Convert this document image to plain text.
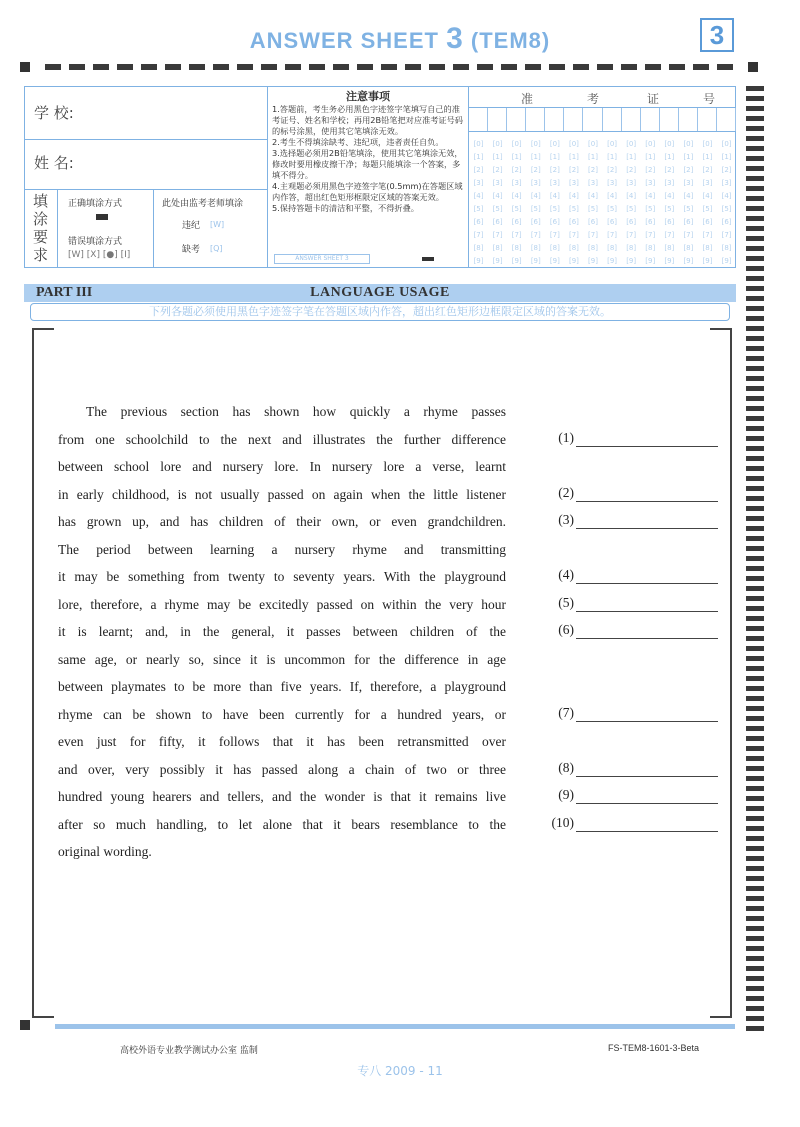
ANSWER SHEET 3 (TEM8)	3
学 校:
姓 名:
填涂要求
正确填涂方式
错误填涂方式
[W] [X] [●] [I]
此处由监考老师填涂
违纪 [W]
缺考 [Q]
注意事项

1.答题前，考生务必用黑色字迹签字笔填写自己的准考证号、姓名和学校；再用2B铅笔把对应准考证号码的标号涂黑，使用其它笔填涂无效。

2.考生不得填涂缺考、违纪项，违者责任自负。

3.选择题必须用2B铅笔填涂，使用其它笔填涂无效，修改时要用橡皮擦干净；每题只能填涂一个答案，多填不得分。

4.主观题必须用黑色字迹签字笔(0.5mm)在答题区域内作答，超出红色矩形框限定区域的答案无效。

5.保持答题卡的清洁和平整，不得折叠。

ANSWER SHEET 3
准	考	证	号
[0]	[0]	[0]	[0]	[0]	[0]	[0]	[0]	[0]	[0]	[0]	[0]	[0]	[0]
[1]	[1]	[1]	[1]	[1]	[1]	[1]	[1]	[1]	[1]	[1]	[1]	[1]	[1]
[2]	[2]	[2]	[2]	[2]	[2]	[2]	[2]	[2]	[2]	[2]	[2]	[2]	[2]
[3]	[3]	[3]	[3]	[3]	[3]	[3]	[3]	[3]	[3]	[3]	[3]	[3]	[3]
[4]	[4]	[4]	[4]	[4]	[4]	[4]	[4]	[4]	[4]	[4]	[4]	[4]	[4]
[5]	[5]	[5]	[5]	[5]	[5]	[5]	[5]	[5]	[5]	[5]	[5]	[5]	[5]
[6]	[6]	[6]	[6]	[6]	[6]	[6]	[6]	[6]	[6]	[6]	[6]	[6]	[6]
[7]	[7]	[7]	[7]	[7]	[7]	[7]	[7]	[7]	[7]	[7]	[7]	[7]	[7]
[8]	[8]	[8]	[8]	[8]	[8]	[8]	[8]	[8]	[8]	[8]	[8]	[8]	[8]
[9]	[9]	[9]	[9]	[9]	[9]	[9]	[9]	[9]	[9]	[9]	[9]	[9]	[9]
LANGUAGE USAGE
PART III
下列各题必须使用黑色字迹签字笔在答题区域内作答，超出红色矩形边框限定区域的答案无效。
The previous section has shown how quickly a rhyme passes
from one schoolchild to the next and illustrates the further difference
between school lore and nursery lore. In nursery lore a verse, learnt
in early childhood, is not usually passed on again when the little listener
has grown up, and has children of their own, or even grandchildren.
The period between learning a nursery rhyme and transmitting
it may be something from twenty to seventy years. With the playground
lore, therefore, a rhyme may be excitedly passed on within the very hour
it is learnt; and, in the general, it passes between children of the
same age, or nearly so, since it is uncommon for the difference in age
between playmates to be more than five years. If, therefore, a playground
rhyme can be shown to have been currently for a hundred years, or
even just for fifty, it follows that it has been retransmitted over
and over, very possibly it has passed along a chain of two or three
hundred young hearers and tellers, and the wonder is that it remains live
after so much handling, to let alone that it bears resemblance to the
original wording.
(1)
(2)
(3)
(4)
(5)
(6)
(7)
(8)
(9)
(10)
高校外语专业教学测试办公室 监制	FS-TEM8-1601-3-Beta
专八 2009 - 11
